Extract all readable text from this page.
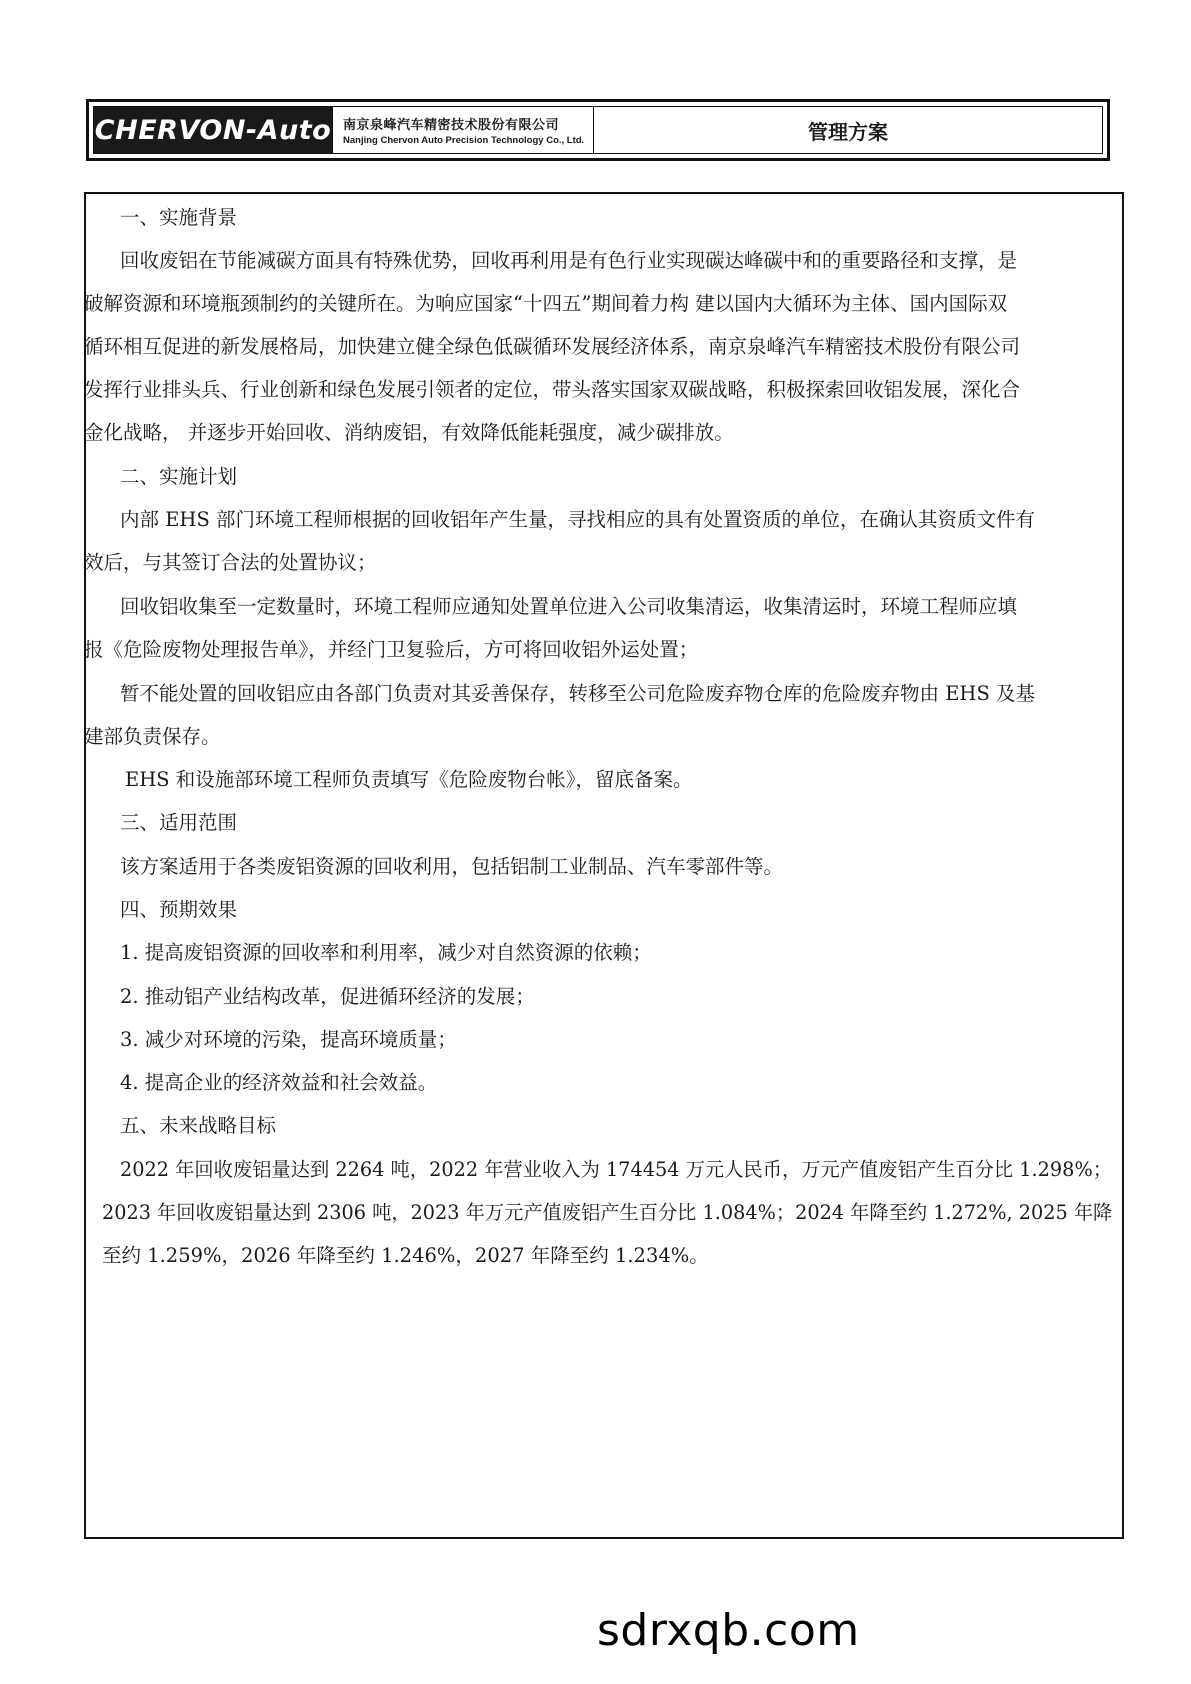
CHERVON-Auto 南京泉峰汽车精密技术股份有限公司
Nanjing Chervon Auto Precision Technology Co., Ltd.	管理方案
一、实施背景
回收废铝在节能减碳方面具有特殊优势，回收再利用是有色行业实现碳达峰碳中和的重要路径和支撑，是
破解资源和环境瓶颈制约的关键所在。为响应国家“十四五”期间着力构 建以国内大循环为主体、国内国际双
循环相互促进的新发展格局，加快建立健全绿色低碳循环发展经济体系，南京泉峰汽车精密技术股份有限公司
发挥行业排头兵、行业创新和绿色发展引领者的定位，带头落实国家双碳战略，积极探索回收铝发展，深化合
金化战略， 并逐步开始回收、消纳废铝，有效降低能耗强度，减少碳排放。
二、实施计划
内部 EHS 部门环境工程师根据的回收铝年产生量，寻找相应的具有处置资质的单位，在确认其资质文件有
效后，与其签订合法的处置协议；
回收铝收集至一定数量时，环境工程师应通知处置单位进入公司收集清运，收集清运时，环境工程师应填
报《危险废物处理报告单》，并经门卫复验后，方可将回收铝外运处置；
暂不能处置的回收铝应由各部门负责对其妥善保存，转移至公司危险废弃物仓库的危险废弃物由 EHS 及基
建部负责保存。
EHS 和设施部环境工程师负责填写《危险废物台帐》，留底备案。
三、适用范围
该方案适用于各类废铝资源的回收利用，包括铝制工业制品、汽车零部件等。
四、预期效果
1. 提高废铝资源的回收率和利用率，减少对自然资源的依赖；
2. 推动铝产业结构改革，促进循环经济的发展；
3. 减少对环境的污染，提高环境质量；
4. 提高企业的经济效益和社会效益。
五、未来战略目标
2022 年回收废铝量达到 2264 吨，2022 年营业收入为 174454 万元人民币，万元产值废铝产生百分比 1.298%；
2023 年回收废铝量达到 2306 吨，2023 年万元产值废铝产生百分比 1.084%；2024 年降至约 1.272%, 2025 年降
至约 1.259%，2026 年降至约 1.246%，2027 年降至约 1.234%。
sdrxqb.com
